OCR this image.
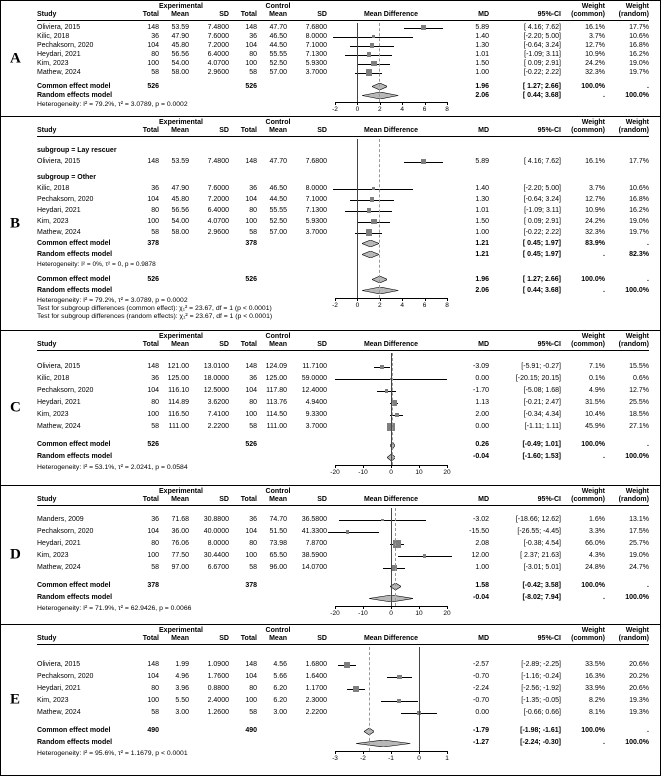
A
Experimental	Control	Weight	Weight
Study	Total	Mean	SD	Total	Mean	SD	Mean Difference	MD	95%-CI	(common)	(random)
Oliviera, 2015	148	53.59	7.4800	148	47.70	7.6800	5.89	[ 4.16; 7.62]	16.1%	17.7%
Kilic, 2018	36	47.90	7.6000	36	46.50	8.0000	1.40	[-2.20; 5.00]	3.7%	10.6%
Pechaksorn, 2020	104	45.80	7.2000	104	44.50	7.1000	1.30	[-0.64; 3.24]	12.7%	16.8%
Heydari, 2021	80	56.56	6.4000	80	55.55	7.1300	1.01	[-1.09; 3.11]	10.9%	16.2%
Kim, 2023	100	54.00	4.0700	100	52.50	5.9300	1.50	[ 0.09; 2.91]	24.2%	19.0%
Mathew, 2024	58	58.00	2.9600	58	57.00	3.7000	1.00	[-0.22; 2.22]	32.3%	19.7%
Common effect model	526	526	1.96	[ 1.27; 2.66]	100.0%	.
Random effects model	2.06	[ 0.44; 3.68]	.	100.0%
Heterogeneity: I² = 79.2%, τ² = 3.0789, p = 0.0002
-2	0	2	4	6	8
B
Experimental	Control	Weight	Weight
Study	Total	Mean	SD	Total	Mean	SD	Mean Difference	MD	95%-CI	(common)	(random)
subgroup = Lay rescuer
Oliviera, 2015	148	53.59	7.4800	148	47.70	7.6800	5.89	[ 4.16; 7.62]	16.1%	17.7%
subgroup = Other
Kilic, 2018	36	47.90	7.6000	36	46.50	8.0000	1.40	[-2.20; 5.00]	3.7%	10.6%
Pechaksorn, 2020	104	45.80	7.2000	104	44.50	7.1000	1.30	[-0.64; 3.24]	12.7%	16.8%
Heydari, 2021	80	56.56	6.4000	80	55.55	7.1300	1.01	[-1.09; 3.11]	10.9%	16.2%
Kim, 2023	100	54.00	4.0700	100	52.50	5.9300	1.50	[ 0.09; 2.91]	24.2%	19.0%
Mathew, 2024	58	58.00	2.9600	58	57.00	3.7000	1.00	[-0.22; 2.22]	32.3%	19.7%
Common effect model	378	378	1.21	[ 0.45; 1.97]	83.9%	.
Random effects model	1.21	[ 0.45; 1.97]	.	82.3%
Heterogeneity: I² = 0%, τ² = 0, p = 0.9878
Common effect model	526	526	1.96	[ 1.27; 2.66]	100.0%	.
Random effects model	2.06	[ 0.44; 3.68]	.	100.0%
Heterogeneity: I² = 79.2%, τ² = 3.0789, p = 0.0002
Test for subgroup differences (common effect): χ₁² = 23.67, df = 1 (p < 0.0001)
Test for subgroup differences (random effects): χ₁² = 23.67, df = 1 (p < 0.0001)
-2	0	2	4	6	8
C
Experimental	Control	Weight	Weight
Study	Total	Mean	SD	Total	Mean	SD	Mean Difference	MD	95%-CI	(common)	(random)
Oliviera, 2015	148	121.00	13.0100	148	124.09	11.7100	-3.09	[-5.91; -0.27]	7.1%	15.5%
Kilic, 2018	36	125.00	18.0000	36	125.00	59.0000	0.00	[-20.15; 20.15]	0.1%	0.6%
Pechaksorn, 2020	104	116.10	12.5000	104	117.80	12.4000	-1.70	[-5.08; 1.68]	4.9%	12.7%
Heydari, 2021	80	114.89	3.6200	80	113.76	4.9400	1.13	[-0.21; 2.47]	31.5%	25.5%
Kim, 2023	100	116.50	7.4100	100	114.50	9.3300	2.00	[-0.34; 4.34]	10.4%	18.5%
Mathew, 2024	58	111.00	2.2200	58	111.00	3.7000	0.00	[-1.11; 1.11]	45.9%	27.1%
Common effect model	526	526	0.26	[-0.49; 1.01]	100.0%	.
Random effects model	-0.04	[-1.60; 1.53]	.	100.0%
Heterogeneity: I² = 53.1%, τ² = 2.0241, p = 0.0584
-20	-10	0	10	20
D
Experimental	Control	Weight	Weight
Study	Total	Mean	SD	Total	Mean	SD	Mean Difference	MD	95%-CI	(common)	(random)
Manders, 2009	36	71.68	30.8800	36	74.70	36.5800	-3.02	[-18.66; 12.62]	1.6%	13.1%
Pechaksorn, 2020	104	36.00	40.0000	104	51.50	41.3300	-15.50	[-26.55; -4.45]	3.3%	17.5%
Heydari, 2021	80	76.06	8.0000	80	73.98	7.8700	2.08	[-0.38; 4.54]	66.0%	25.7%
Kim, 2023	100	77.50	30.4400	100	65.50	38.5900	12.00	[ 2.37; 21.63]	4.3%	19.0%
Mathew, 2024	58	97.00	6.6700	58	96.00	14.0700	1.00	[-3.01; 5.01]	24.8%	24.7%
Common effect model	378	378	1.58	[-0.42; 3.58]	100.0%	.
Random effects model	-0.04	[-8.02; 7.94]	.	100.0%
Heterogeneity: I² = 71.9%, τ² = 62.9426, p = 0.0066
-20	-10	0	10	20
E
Experimental	Control	Weight	Weight
Study	Total	Mean	SD	Total	Mean	SD	Mean Difference	MD	95%-CI	(common)	(random)
Oliviera, 2015	148	1.99	1.0900	148	4.56	1.6800	-2.57	[-2.89; -2.25]	33.5%	20.6%
Pechaksorn, 2020	104	4.96	1.7600	104	5.66	1.6400	-0.70	[-1.16; -0.24]	16.3%	20.2%
Heydari, 2021	80	3.96	0.8800	80	6.20	1.1700	-2.24	[-2.56; -1.92]	33.9%	20.6%
Kim, 2023	100	5.50	2.4000	100	6.20	2.3000	-0.70	[-1.35; -0.05]	8.2%	19.3%
Mathew, 2024	58	3.00	1.2600	58	3.00	2.2200	0.00	[-0.66; 0.66]	8.1%	19.3%
Common effect model	490	490	-1.79	[-1.98; -1.61]	100.0%	.
Random effects model	-1.27	[-2.24; -0.30]	.	100.0%
Heterogeneity: I² = 95.6%, τ² = 1.1679, p < 0.0001
-3	-2	-1	0	1
